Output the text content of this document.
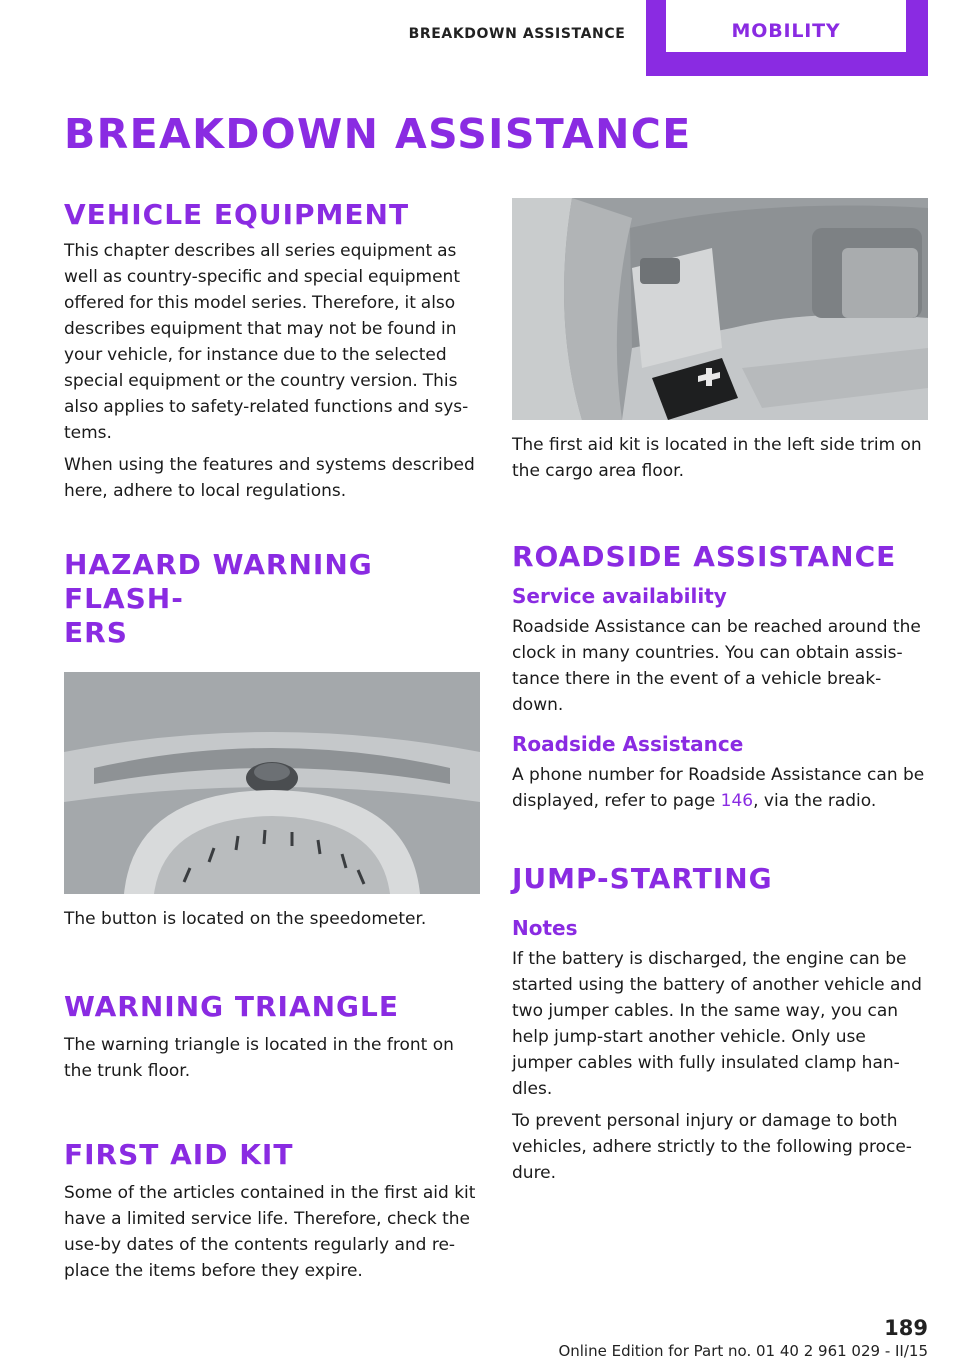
BREAKDOWN ASSISTANCE	MOBILITY
BREAKDOWN ASSISTANCE
VEHICLE EQUIPMENT

This chapter describes all series equipment as well as country-specific and special equipment offered for this model series. Therefore, it also describes equipment that may not be found in your vehicle, for instance due to the selected special equipment or the country version. This also applies to safety-related functions and sys‐ tems.

When using the features and systems described here, adhere to local regulations.

HAZARD WARNING FLASH‐
ERS

The button is located on the speedometer.

WARNING TRIANGLE

The warning triangle is located in the front on the trunk floor.

FIRST AID KIT

Some of the articles contained in the first aid kit have a limited service life. Therefore, check the use-by dates of the contents regularly and re‐ place the items before they expire.

The first aid kit is located in the left side trim on the cargo area floor.

ROADSIDE ASSISTANCE
Service availability

Roadside Assistance can be reached around the clock in many countries. You can obtain assis‐ tance there in the event of a vehicle break‐ down.

Roadside Assistance

A phone number for Roadside Assistance can be displayed, refer to page 146, via the radio.

JUMP-STARTING
Notes

If the battery is discharged, the engine can be started using the battery of another vehicle and two jumper cables. In the same way, you can help jump-start another vehicle. Only use jumper cables with fully insulated clamp han‐ dles.

To prevent personal injury or damage to both vehicles, adhere strictly to the following proce‐ dure.

189
Online Edition for Part no. 01 40 2 961 029 - II/15
